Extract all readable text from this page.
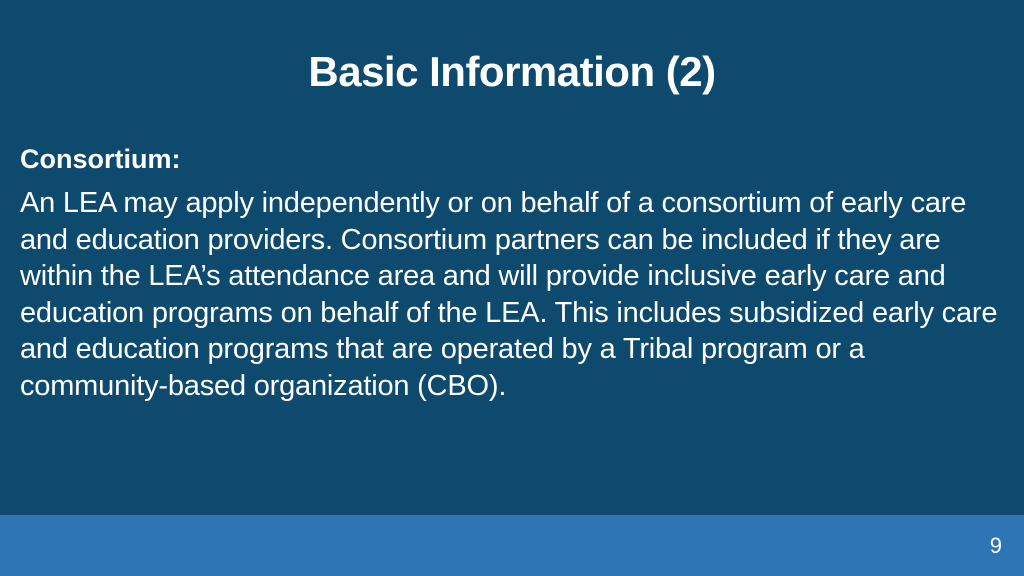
Basic Information (2)
Consortium:

An LEA may apply independently or on behalf of a consortium of early care and education providers. Consortium partners can be included if they are within the LEA’s attendance area and will provide inclusive early care and education programs on behalf of the LEA. This includes subsidized early care and education programs that are operated by a Tribal program or a community-based organization (CBO).

9
